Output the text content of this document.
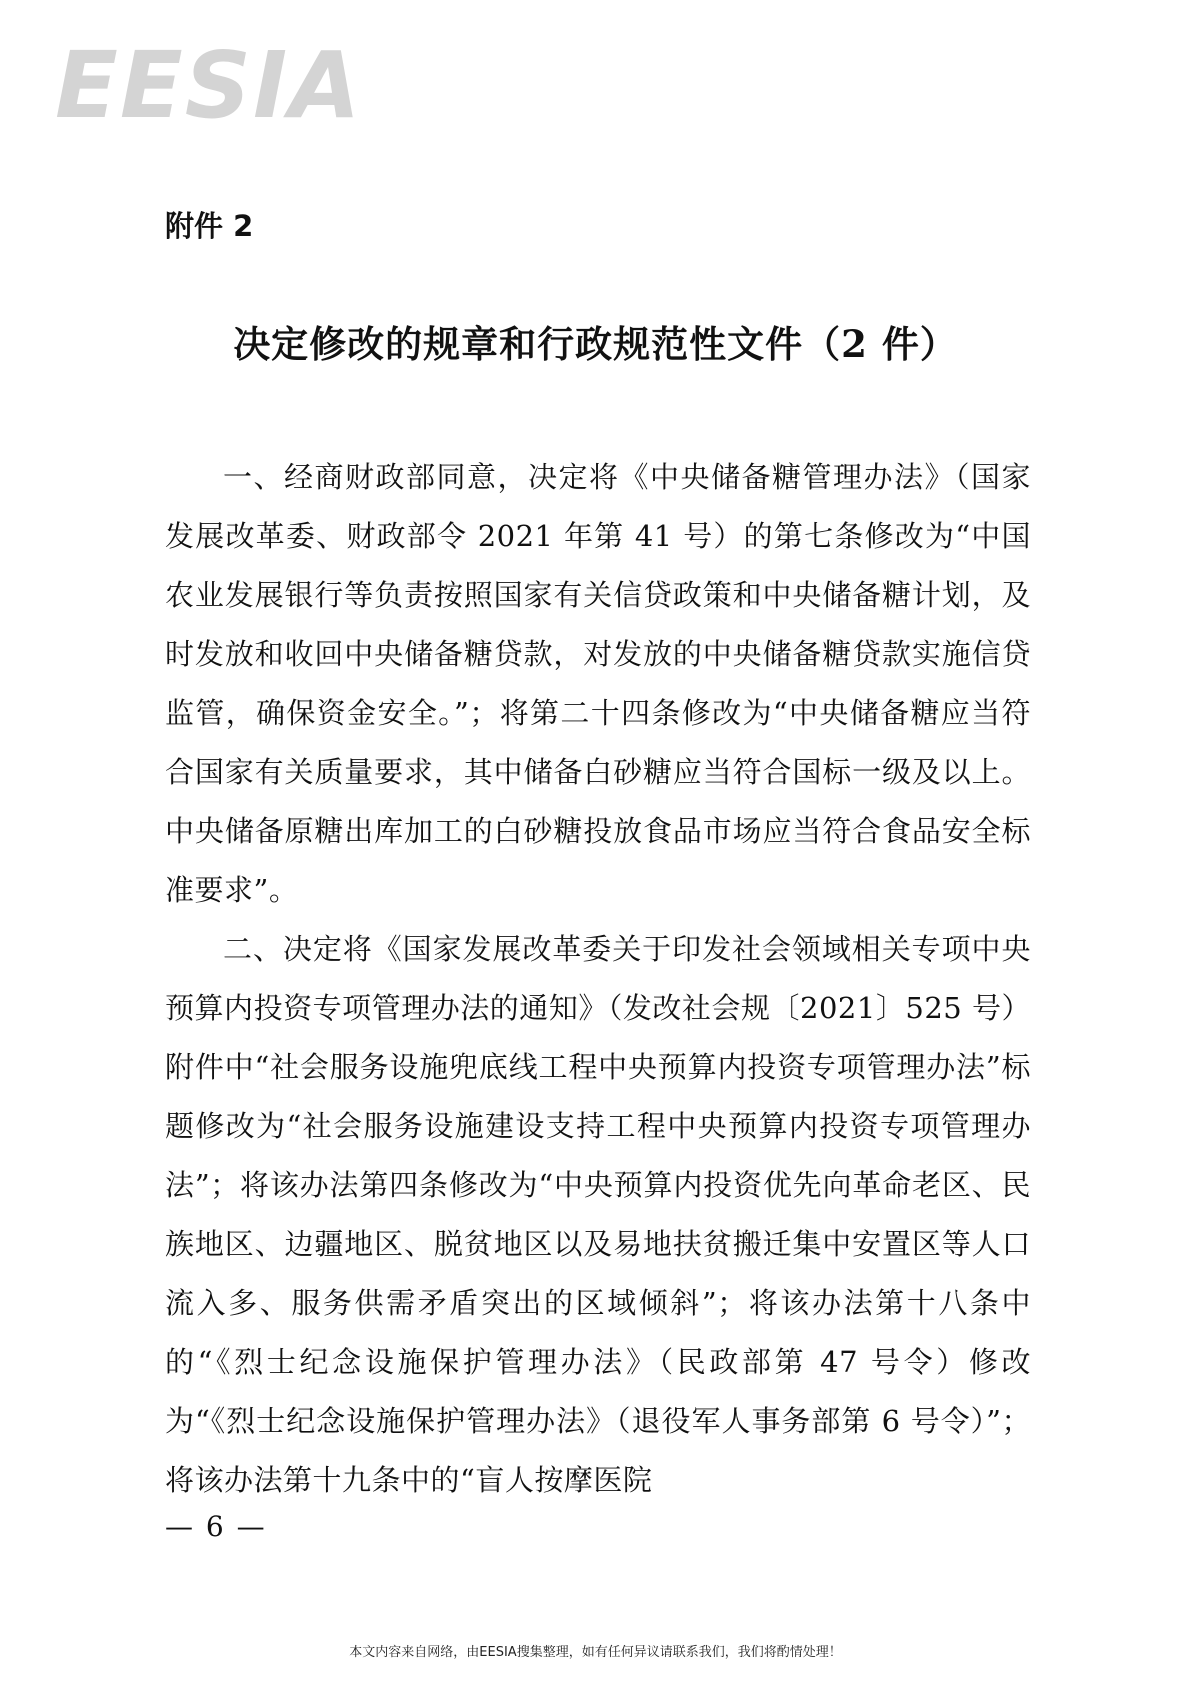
EESIA
附件 2
决定修改的规章和行政规范性文件（2 件）

一、经商财政部同意，决定将《中央储备糖管理办法》（国家发展改革委、财政部令 2021 年第 41 号）的第七条修改为“中国农业发展银行等负责按照国家有关信贷政策和中央储备糖计划，及时发放和收回中央储备糖贷款，对发放的中央储备糖贷款实施信贷监管，确保资金安全。”；将第二十四条修改为“中央储备糖应当符合国家有关质量要求，其中储备白砂糖应当符合国标一级及以上。中央储备原糖出库加工的白砂糖投放食品市场应当符合食品安全标准要求”。

二、决定将《国家发展改革委关于印发社会领域相关专项中央预算内投资专项管理办法的通知》（发改社会规〔2021〕525 号）附件中“社会服务设施兜底线工程中央预算内投资专项管理办法”标题修改为“社会服务设施建设支持工程中央预算内投资专项管理办法”；将该办法第四条修改为“中央预算内投资优先向革命老区、民族地区、边疆地区、脱贫地区以及易地扶贫搬迁集中安置区等人口流入多、服务供需矛盾突出的区域倾斜”；将该办法第十八条中的“《烈士纪念设施保护管理办法》（民政部第 47 号令）修改为“《烈士纪念设施保护管理办法》（退役军人事务部第 6 号令）”；将该办法第十九条中的“盲人按摩医院

— 6 —
本文内容来自网络，由EESIA搜集整理，如有任何异议请联系我们，我们将酌情处理！
